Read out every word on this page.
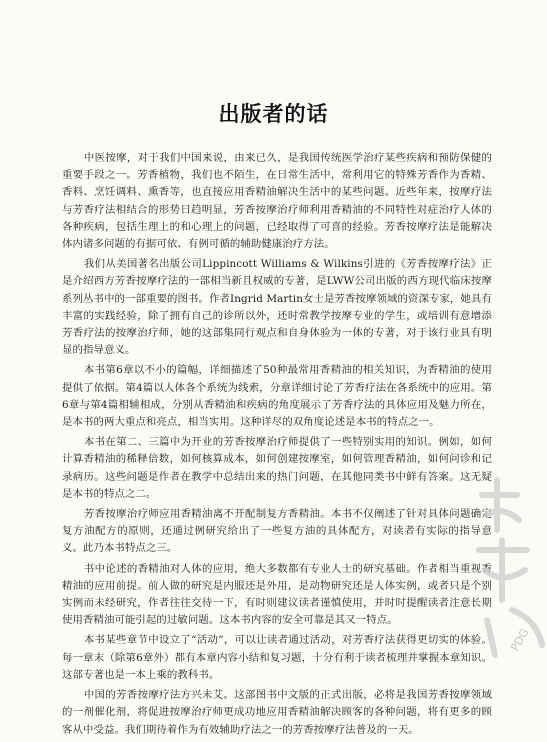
出版者的话

中医按摩，对于我们中国来说，由来已久，是我国传统医学治疗某些疾病和预防保健的重要手段之一。芳香植物，我们也不陌生，在日常生活中，常利用它的特殊芳香作为香精、香料、烹饪调料、熏香等，也直接应用香精油解决生活中的某些问题。近些年来，按摩疗法与芳香疗法相结合的形势日趋明显，芳香按摩治疗师利用香精油的不同特性对症治疗人体的各种疾病，包括生理上的和心理上的问题，已经取得了可喜的经验。芳香按摩疗法是能解决体内诸多问题的有据可依、有例可循的辅助健康治疗方法。

我们从美国著名出版公司Lippincott Williams & Wilkins引进的《芳香按摩疗法》正是介绍西方芳香按摩疗法的一部相当新且权威的专著，是LWW公司出版的西方现代临床按摩系列丛书中的一部重要的图书。作者Ingrid Martin女士是芳香按摩领域的资深专家，她具有丰富的实践经验，除了拥有自己的诊所以外，还时常教学按摩专业的学生，或培训有意增添芳香疗法的按摩治疗师，她的这部集同行观点和自身体验为一体的专著，对于该行业具有明显的指导意义。

本书第6章以不小的篇幅，详细描述了50种最常用香精油的相关知识，为香精油的使用提供了依据。第4篇以人体各个系统为线索，分章详细讨论了芳香疗法在各系统中的应用。第6章与第4篇相辅相成，分别从香精油和疾病的角度展示了芳香疗法的具体应用及魅力所在，是本书的两大重点和亮点，相当实用。这种详尽的双角度论述是本书的特点之一。

本书在第二、三篇中为开业的芳香按摩治疗师提供了一些特别实用的知识。例如，如何计算香精油的稀释倍数，如何核算成本，如何创建按摩室，如何管理香精油，如何问诊和记录病历。这些问题是作者在教学中总结出来的热门问题，在其他同类书中鲜有答案。这无疑是本书的特点之二。

芳香按摩治疗师应用香精油离不开配制复方香精油。本书不仅阐述了针对具体问题确定复方油配方的原则，还通过例研究给出了一些复方油的具体配方，对读者有实际的指导意义。此乃本书特点之三。

书中论述的香精油对人体的应用，绝大多数都有专业人士的研究基础。作者相当重视香精油的应用前提。前人做的研究是内服还是外用，是动物研究还是人体实例，或者只是个别实例而未经研究，作者往往交待一下，有时则建议读者谨慎使用，并时时提醒读者注意长期使用香精油可能引起的过敏问题。这本书内容的安全可靠是其又一特点。

本书某些章节中设立了“活动”，可以让读者通过活动，对芳香疗法获得更切实的体验。每一章末（除第6章外）都有本章内容小结和复习题，十分有利于读者梳理并掌握本章知识。这部专著也是一本上乘的教科书。

中国的芳香按摩疗法方兴未艾。这部图书中文版的正式出版，必将是我国芳香按摩领域的一剂催化剂，将促进按摩治疗师更成功地应用香精油解决顾客的各种问题，将有更多的顾客从中受益。我们期待着作为有效辅助疗法之一的芳香按摩疗法普及的一天。

PDG
